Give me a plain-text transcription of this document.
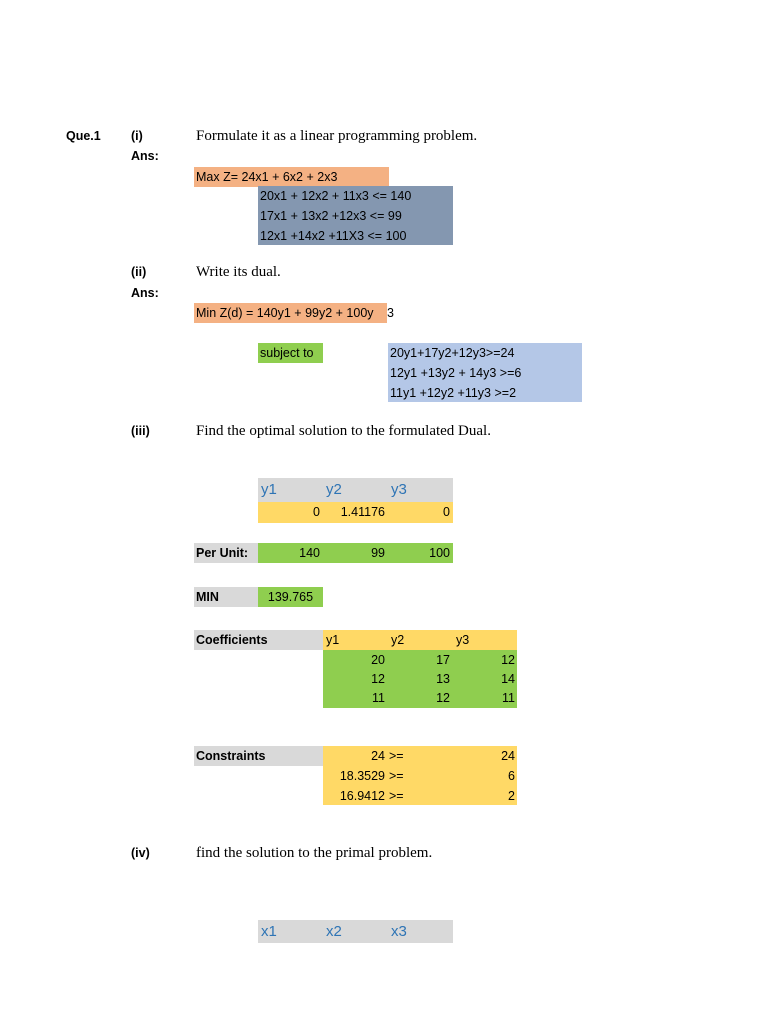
Que.1 (i)	Formulate it as a linear programming problem.
Ans:
Max Z= 24x1 + 6x2 + 2x3
20x1 + 12x2 + 11x3 <= 140
17x1 + 13x2 +12x3 <= 99
12x1 +14x2 +11X3 <= 100
(ii)	Write its dual.
Ans:
Min Z(d) = 140y1 + 99y2 + 100y 3
subject to	20y1+17y2+12y3>=24
12y1 +13y2 + 14y3 >=6
11y1 +12y2 +11y3 >=2
(iii)	Find the optimal solution to the formulated Dual.
y1	y2	y3
0	1.41176	0
Per Unit:	140	99	100
MIN	139.765
Coefficients	y1	y2	y3
20	17	12
12	13	14
11	12	11
Constraints	24 >=	24
18.3529 >=	6
16.9412 >=	2
(iv)	find the solution to the primal problem.
x1	x2	x3
